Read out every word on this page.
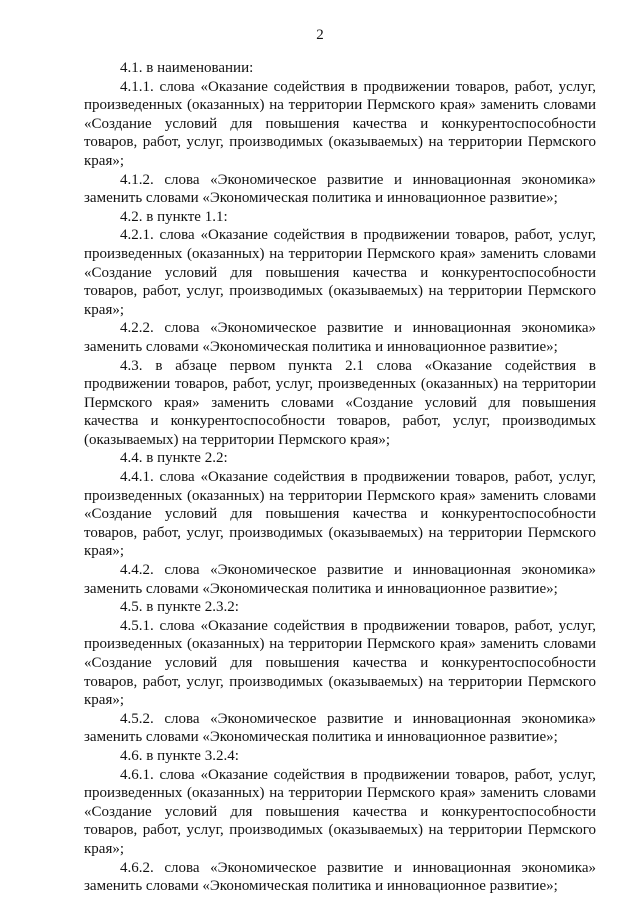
2

4.1. в наименовании:

4.1.1. слова «Оказание содействия в продвижении товаров, работ, услуг, произведенных (оказанных) на территории Пермского края» заменить словами «Создание условий для повышения качества и конкурентоспособности товаров, работ, услуг, производимых (оказываемых) на территории Пермского края»;

4.1.2. слова «Экономическое развитие и инновационная экономика» заменить словами «Экономическая политика и инновационное развитие»;

4.2. в пункте 1.1:

4.2.1. слова «Оказание содействия в продвижении товаров, работ, услуг, произведенных (оказанных) на территории Пермского края» заменить словами «Создание условий для повышения качества и конкурентоспособности товаров, работ, услуг, производимых (оказываемых) на территории Пермского края»;

4.2.2. слова «Экономическое развитие и инновационная экономика» заменить словами «Экономическая политика и инновационное развитие»;

4.3. в абзаце первом пункта 2.1 слова «Оказание содействия в продвижении товаров, работ, услуг, произведенных (оказанных) на территории Пермского края» заменить словами «Создание условий для повышения качества и конкурентоспособности товаров, работ, услуг, производимых (оказываемых) на территории Пермского края»;

4.4. в пункте 2.2:

4.4.1. слова «Оказание содействия в продвижении товаров, работ, услуг, произведенных (оказанных) на территории Пермского края» заменить словами «Создание условий для повышения качества и конкурентоспособности товаров, работ, услуг, производимых (оказываемых) на территории Пермского края»;

4.4.2. слова «Экономическое развитие и инновационная экономика» заменить словами «Экономическая политика и инновационное развитие»;

4.5. в пункте 2.3.2:

4.5.1. слова «Оказание содействия в продвижении товаров, работ, услуг, произведенных (оказанных) на территории Пермского края» заменить словами «Создание условий для повышения качества и конкурентоспособности товаров, работ, услуг, производимых (оказываемых) на территории Пермского края»;

4.5.2. слова «Экономическое развитие и инновационная экономика» заменить словами «Экономическая политика и инновационное развитие»;

4.6. в пункте 3.2.4:

4.6.1. слова «Оказание содействия в продвижении товаров, работ, услуг, произведенных (оказанных) на территории Пермского края» заменить словами «Создание условий для повышения качества и конкурентоспособности товаров, работ, услуг, производимых (оказываемых) на территории Пермского края»;

4.6.2. слова «Экономическое развитие и инновационная экономика» заменить словами «Экономическая политика и инновационное развитие»;
